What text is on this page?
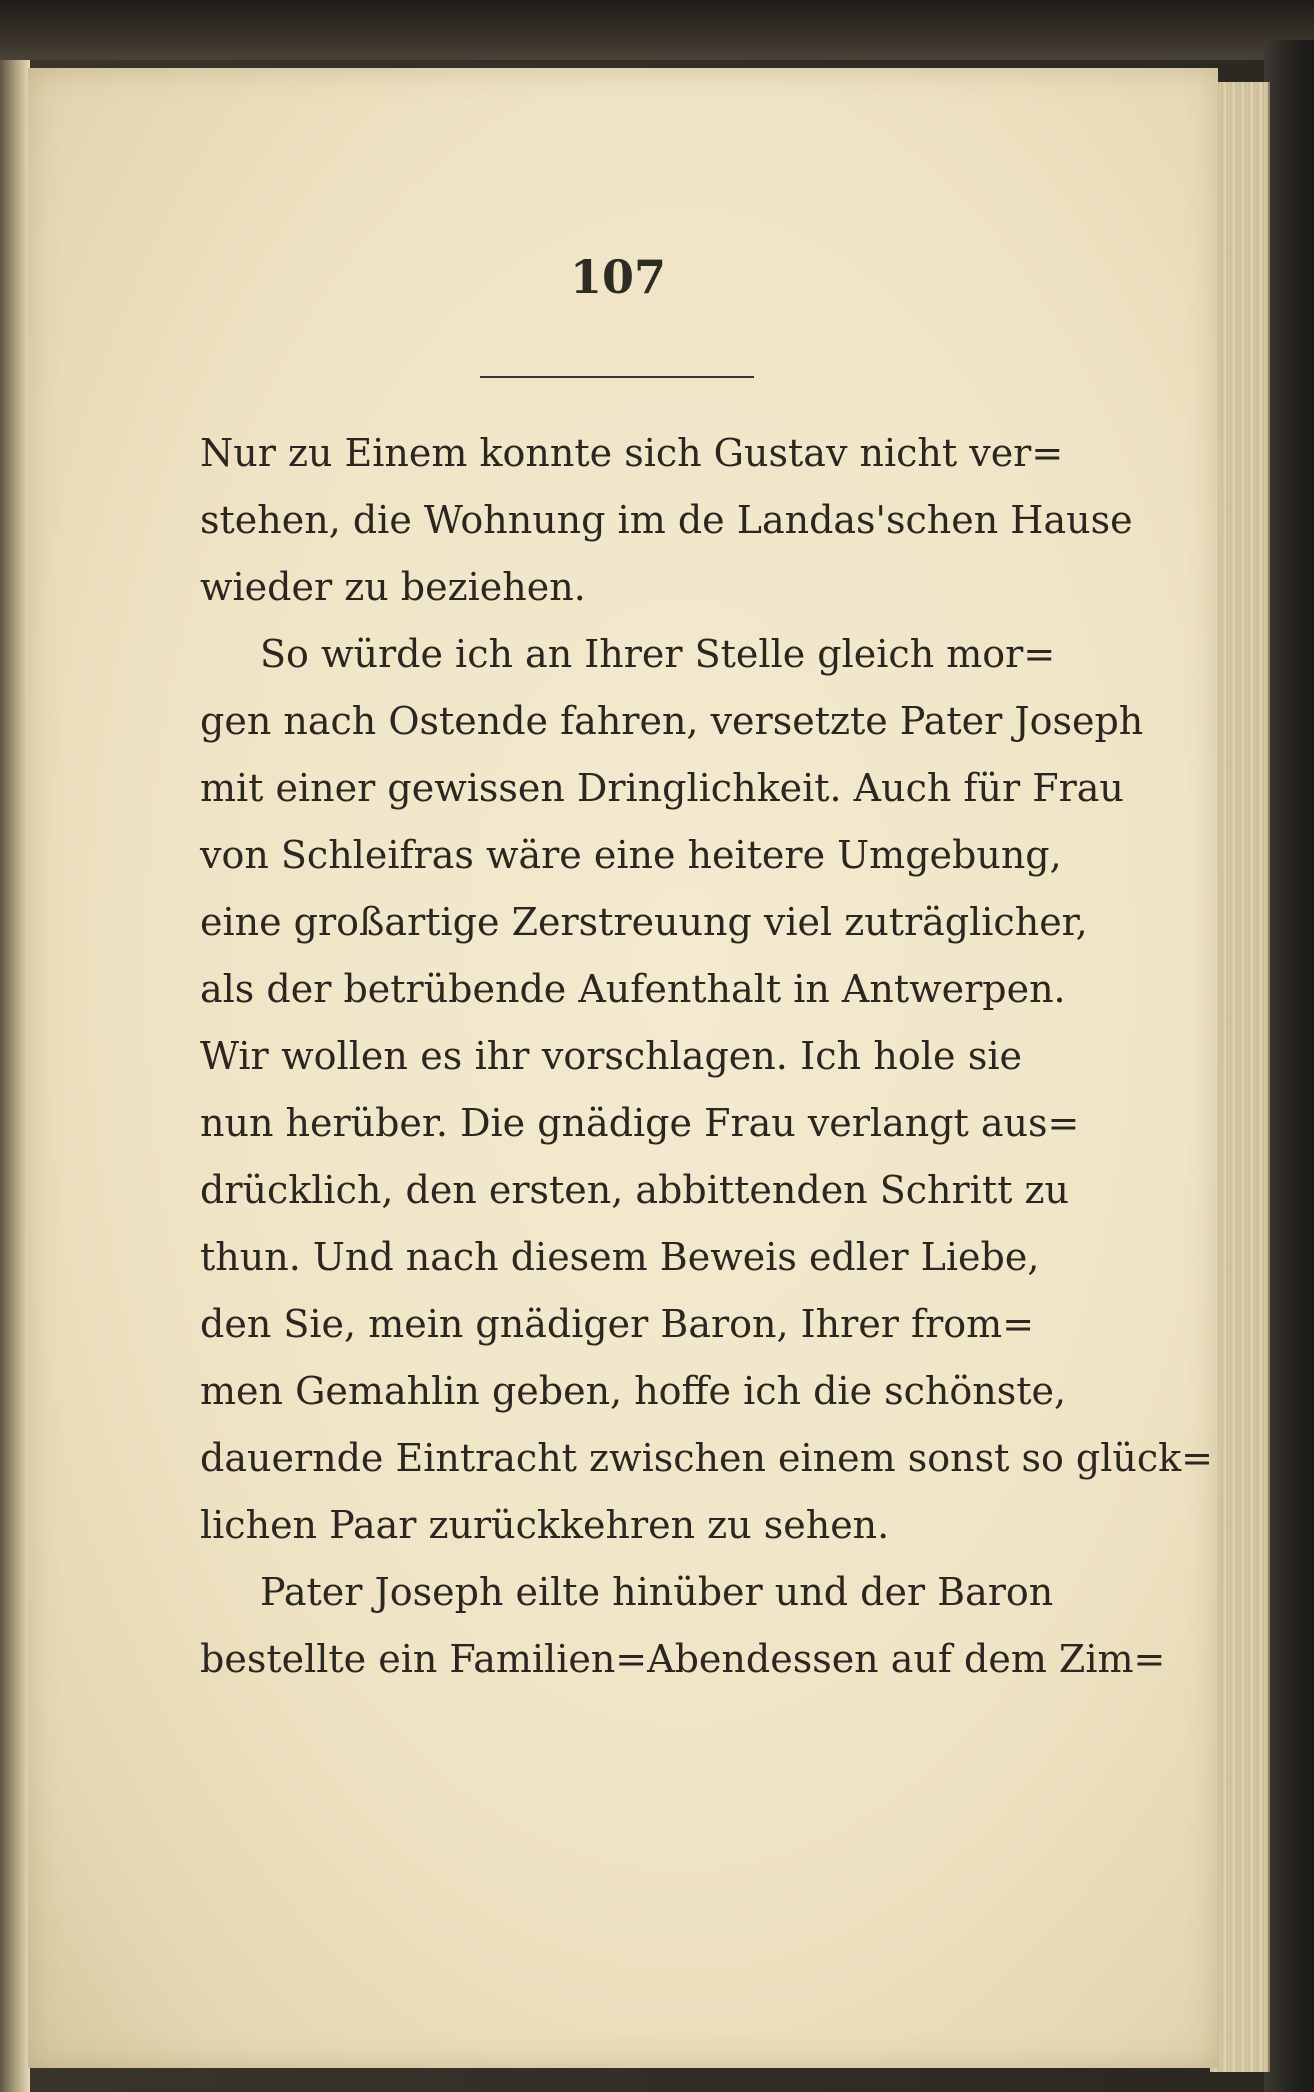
107
Nur zu Einem konnte sich Gustav nicht ver=
stehen, die Wohnung im de Landas'schen Hause
wieder zu beziehen.
So würde ich an Ihrer Stelle gleich mor=
gen nach Ostende fahren, versetzte Pater Joseph
mit einer gewissen Dringlichkeit. Auch für Frau
von Schleifras wäre eine heitere Umgebung,
eine großartige Zerstreuung viel zuträglicher,
als der betrübende Aufenthalt in Antwerpen.
Wir wollen es ihr vorschlagen. Ich hole sie
nun herüber. Die gnädige Frau verlangt aus=
drücklich, den ersten, abbittenden Schritt zu
thun. Und nach diesem Beweis edler Liebe,
den Sie, mein gnädiger Baron, Ihrer from=
men Gemahlin geben, hoffe ich die schönste,
dauernde Eintracht zwischen einem sonst so glück=
lichen Paar zurückkehren zu sehen.
Pater Joseph eilte hinüber und der Baron
bestellte ein Familien=Abendessen auf dem Zim=
